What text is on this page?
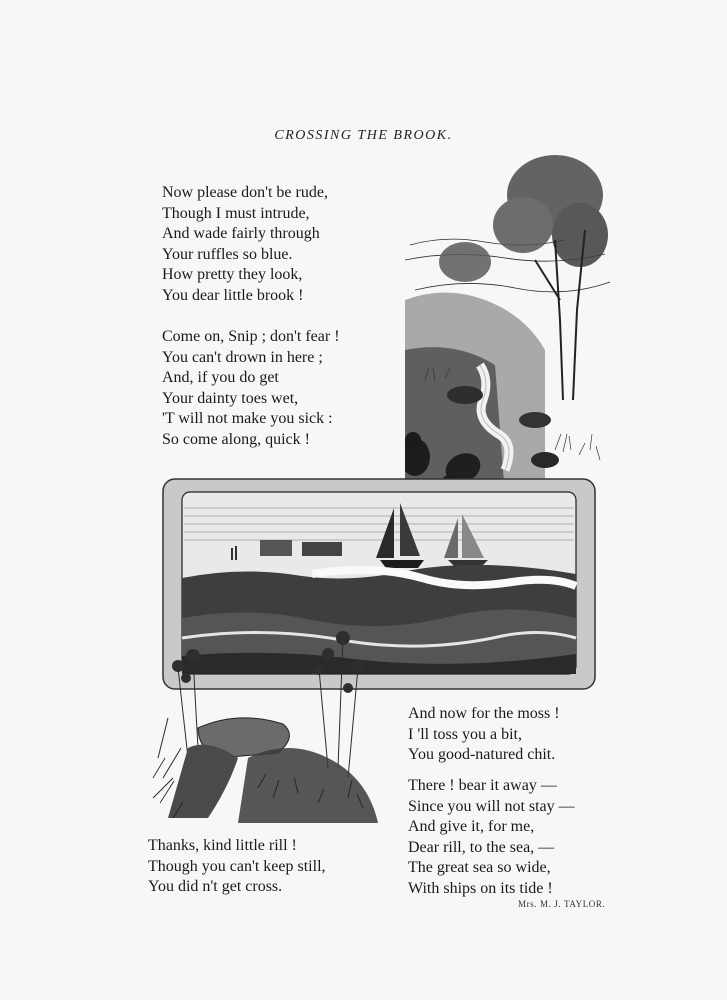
CROSSING THE BROOK.
Now please don't be rude,
Though I must intrude,
And wade fairly through
Your ruffles so blue.
How pretty they look,
You dear little brook !
Come on, Snip ; don't fear !
You can't drown in here ;
And, if you do get
Your dainty toes wet,
'T will not make you sick :
So come along, quick !
And now for the moss !
I 'll toss you a bit,
You good-natured chit.
There ! bear it away —
Since you will not stay —
And give it, for me,
Dear rill, to the sea, —
The great sea so wide,
With ships on its tide !
Thanks, kind little rill !
Though you can't keep still,
You did n't get cross.
Mrs. M. J. TAYLOR.
